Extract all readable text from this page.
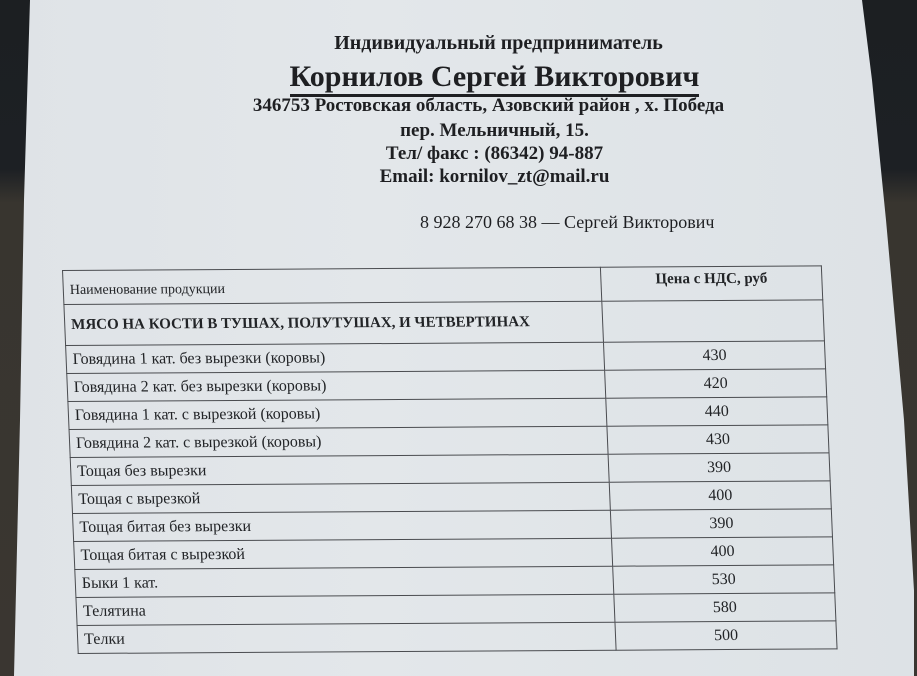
Индивидуальный предприниматель
Корнилов Сергей Викторович
346753 Ростовская область, Азовский район , х. Победа
пер. Мельничный, 15.
Тел/ факс : (86342) 94-887
Email: kornilov_zt@mail.ru
8 928 270 68 38 — Сергей Викторович
Наименование продукции	Цена с НДС, руб
МЯСО НА КОСТИ В ТУШАХ, ПОЛУТУШАХ, И ЧЕТВЕРТИНАХ	
Говядина 1 кат. без вырезки (коровы)	430
Говядина 2 кат. без вырезки (коровы)	420
Говядина 1 кат. с вырезкой (коровы)	440
Говядина 2 кат. с вырезкой (коровы)	430
Тощая без вырезки	390
Тощая с вырезкой	400
Тощая битая без вырезки	390
Тощая битая с вырезкой	400
Быки 1 кат.	530
Телятина	580
Телки	500
